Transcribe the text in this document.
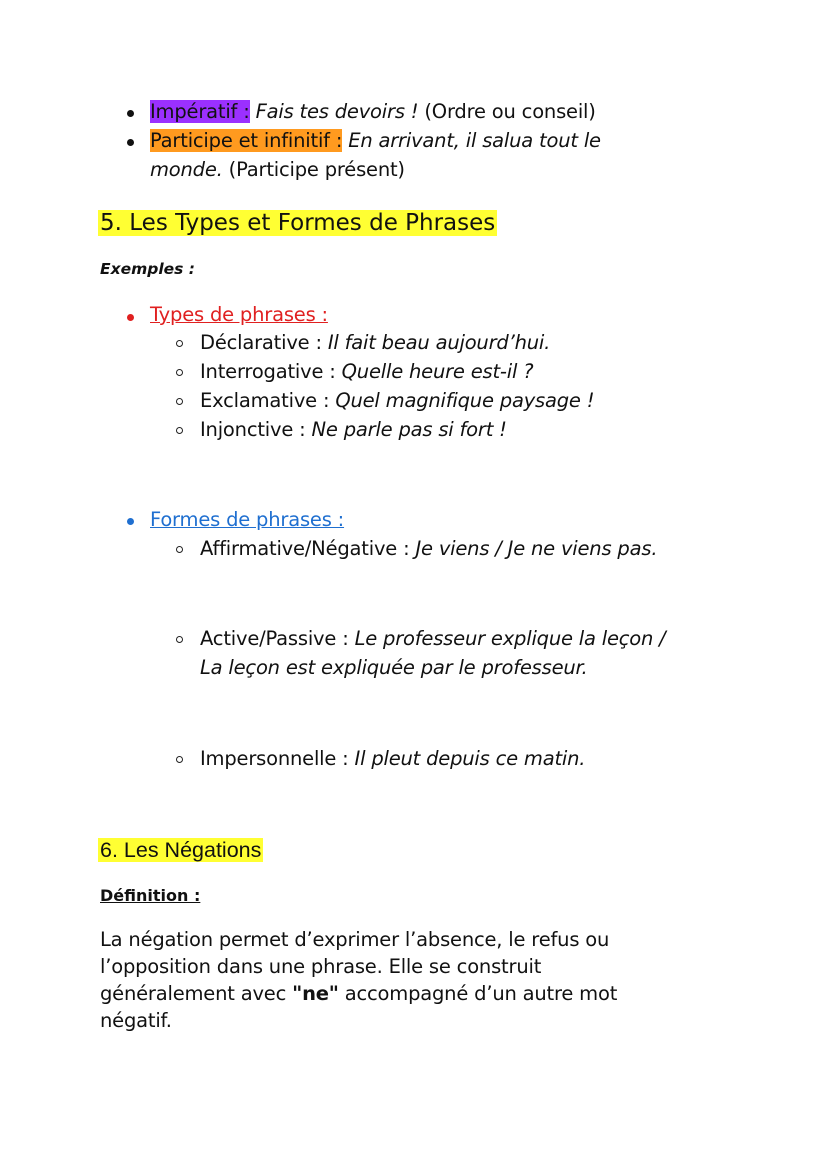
Impératif : Fais tes devoirs ! (Ordre ou conseil)
Participe et infinitif : En arrivant, il salua tout le
monde. (Participe présent)
5. Les Types et Formes de Phrases
Exemples :
Types de phrases :
Déclarative : Il fait beau aujourd’hui.
Interrogative : Quelle heure est-il ?
Exclamative : Quel magnifique paysage !
Injonctive : Ne parle pas si fort !
Formes de phrases :
Affirmative/Négative : Je viens / Je ne viens pas.
Active/Passive : Le professeur explique la leçon /
La leçon est expliquée par le professeur.
Impersonnelle : Il pleut depuis ce matin.
6. Les Négations
Définition :
La négation permet d’exprimer l’absence, le refus ou
l’opposition dans une phrase. Elle se construit
généralement avec "ne" accompagné d’un autre mot
négatif.
